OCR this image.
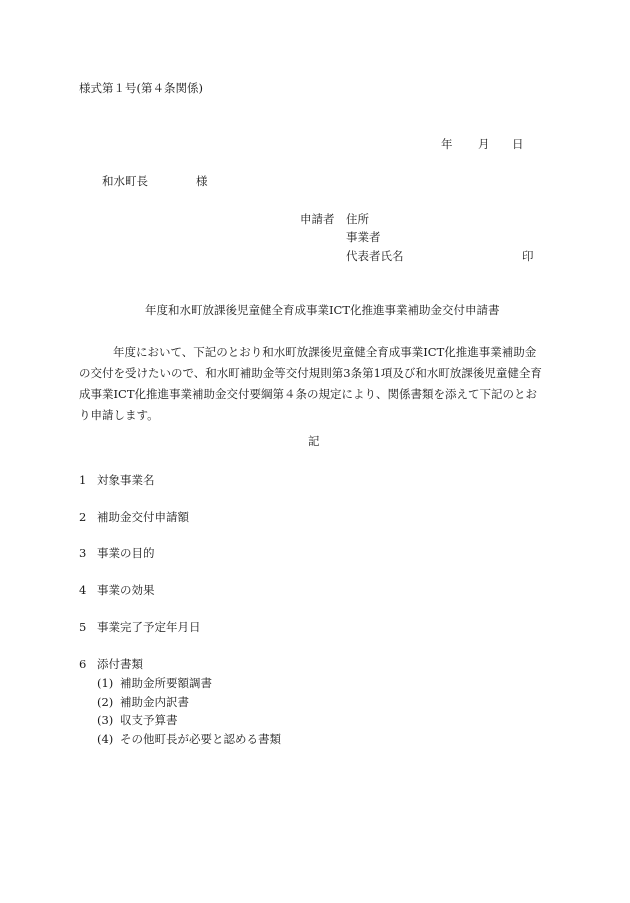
様式第１号(第４条関係)
年 月 日
和水町長	様
申請者 住所
事業者
代表者氏名	印
年度和水町放課後児童健全育成事業ICT化推進事業補助金交付申請書

年度において、下記のとおり和水町放課後児童健全育成事業ICT化推進事業補助金

の交付を受けたいので、和水町補助金等交付規則第3条第1項及び和水町放課後児童健全育
成事業ICT化推進事業補助金交付要綱第４条の規定により、関係書類を添えて下記のとお
り申請します。
記
1 対象事業名
2 補助金交付申請額
3 事業の目的
4 事業の効果
5 事業完了予定年月日
6 添付書類
(1) 補助金所要額調書
(2) 補助金内訳書
(3) 収支予算書
(4) その他町長が必要と認める書類
